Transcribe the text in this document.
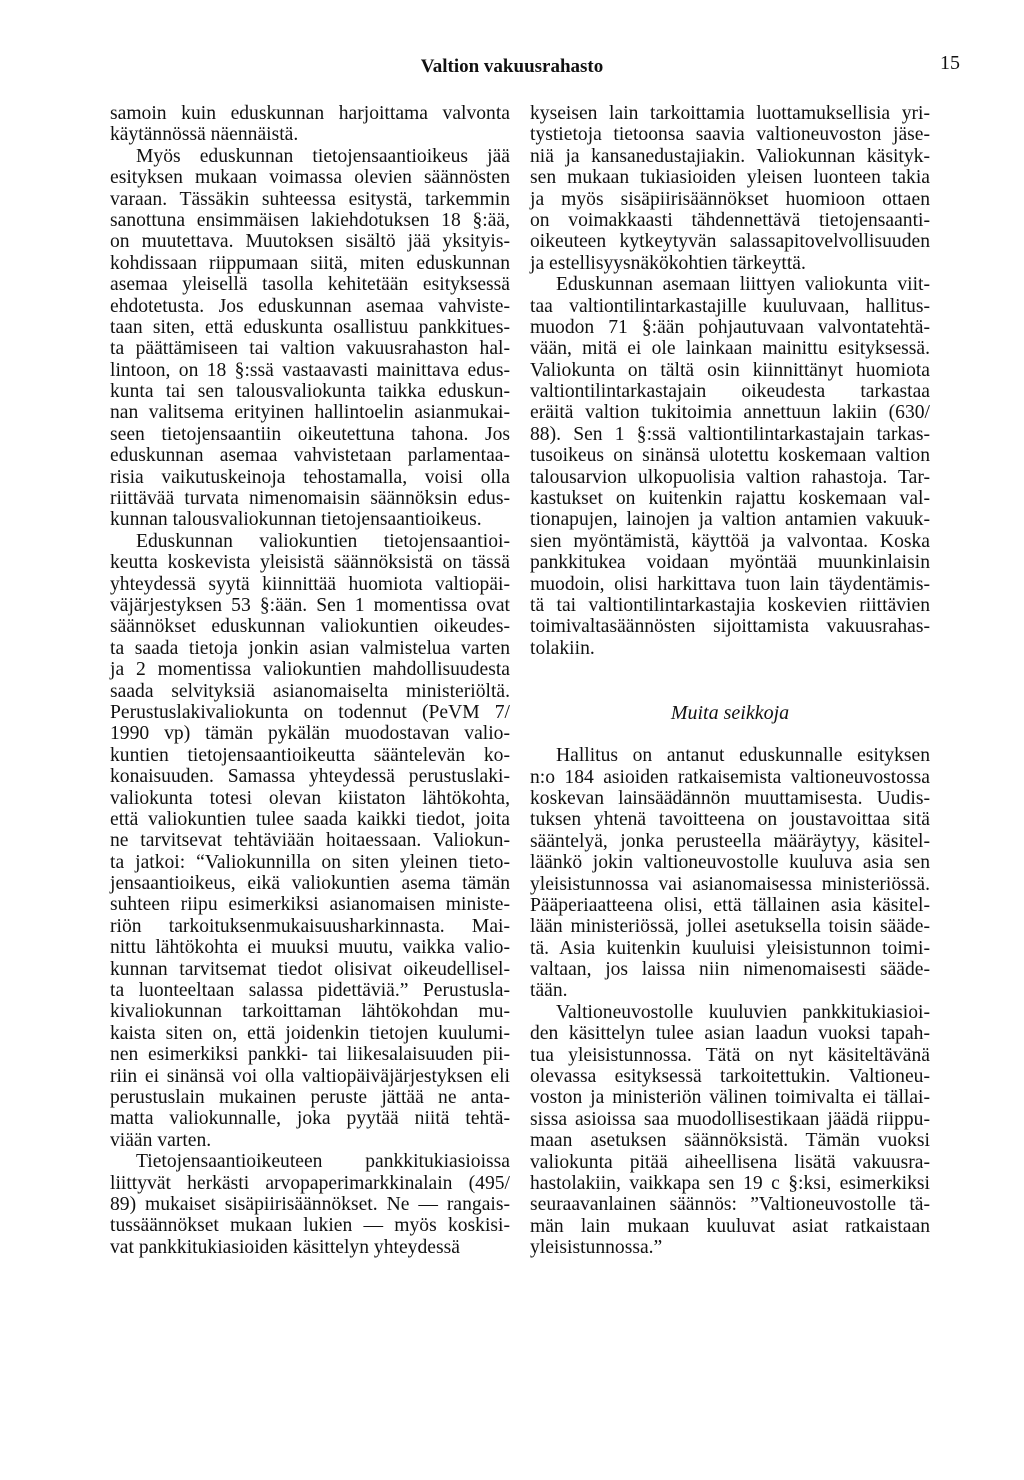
Valtion vakuusrahasto	15
samoin kuin eduskunnan harjoittama valvonta
käytännössä näennäistä.
Myös eduskunnan tietojensaantioikeus jää
esityksen mukaan voimassa olevien säännösten
varaan. Tässäkin suhteessa esitystä, tarkemmin
sanottuna ensimmäisen lakiehdotuksen 18 §:ää,
on muutettava. Muutoksen sisältö jää yksityis-
kohdissaan riippumaan siitä, miten eduskunnan
asemaa yleisellä tasolla kehitetään esityksessä
ehdotetusta. Jos eduskunnan asemaa vahviste-
taan siten, että eduskunta osallistuu pankkitues-
ta päättämiseen tai valtion vakuusrahaston hal-
lintoon, on 18 §:ssä vastaavasti mainittava edus-
kunta tai sen talousvaliokunta taikka eduskun-
nan valitsema erityinen hallintoelin asianmukai-
seen tietojensaantiin oikeutettuna tahona. Jos
eduskunnan asemaa vahvistetaan parlamentaa-
risia vaikutuskeinoja tehostamalla, voisi olla
riittävää turvata nimenomaisin säännöksin edus-
kunnan talousvaliokunnan tietojensaantioikeus.
Eduskunnan valiokuntien tietojensaantioi-
keutta koskevista yleisistä säännöksistä on tässä
yhteydessä syytä kiinnittää huomiota valtiopäi-
väjärjestyksen 53 §:ään. Sen 1 momentissa ovat
säännökset eduskunnan valiokuntien oikeudes-
ta saada tietoja jonkin asian valmistelua varten
ja 2 momentissa valiokuntien mahdollisuudesta
saada selvityksiä asianomaiselta ministeriöltä.
Perustuslakivaliokunta on todennut (PeVM 7/
1990 vp) tämän pykälän muodostavan valio-
kuntien tietojensaantioikeutta sääntelevän ko-
konaisuuden. Samassa yhteydessä perustuslaki-
valiokunta totesi olevan kiistaton lähtökohta,
että valiokuntien tulee saada kaikki tiedot, joita
ne tarvitsevat tehtäviään hoitaessaan. Valiokun-
ta jatkoi: “Valiokunnilla on siten yleinen tieto-
jensaantioikeus, eikä valiokuntien asema tämän
suhteen riipu esimerkiksi asianomaisen ministe-
riön tarkoituksenmukaisuusharkinnasta. Mai-
nittu lähtökohta ei muuksi muutu, vaikka valio-
kunnan tarvitsemat tiedot olisivat oikeudellisel-
ta luonteeltaan salassa pidettäviä.” Perustusla-
kivaliokunnan tarkoittaman lähtökohdan mu-
kaista siten on, että joidenkin tietojen kuulumi-
nen esimerkiksi pankki- tai liikesalaisuuden pii-
riin ei sinänsä voi olla valtiopäiväjärjestyksen eli
perustuslain mukainen peruste jättää ne anta-
matta valiokunnalle, joka pyytää niitä tehtä-
viään varten.
Tietojensaantioikeuteen pankkitukiasioissa
liittyvät herkästi arvopaperimarkkinalain (495/
89) mukaiset sisäpiirisäännökset. Ne — rangais-
tussäännökset mukaan lukien — myös koskisi-
vat pankkitukiasioiden käsittelyn yhteydessä
kyseisen lain tarkoittamia luottamuksellisia yri-
tystietoja tietoonsa saavia valtioneuvoston jäse-
niä ja kansanedustajiakin. Valiokunnan käsityk-
sen mukaan tukiasioiden yleisen luonteen takia
ja myös sisäpiirisäännökset huomioon ottaen
on voimakkaasti tähdennettävä tietojensaanti-
oikeuteen kytkeytyvän salassapitovelvollisuuden
ja estellisyysnäkökohtien tärkeyttä.
Eduskunnan asemaan liittyen valiokunta viit-
taa valtiontilintarkastajille kuuluvaan, hallitus-
muodon 71 §:ään pohjautuvaan valvontatehtä-
vään, mitä ei ole lainkaan mainittu esityksessä.
Valiokunta on tältä osin kiinnittänyt huomiota
valtiontilintarkastajain oikeudesta tarkastaa
eräitä valtion tukitoimia annettuun lakiin (630/
88). Sen 1 §:ssä valtiontilintarkastajain tarkas-
tusoikeus on sinänsä ulotettu koskemaan valtion
talousarvion ulkopuolisia valtion rahastoja. Tar-
kastukset on kuitenkin rajattu koskemaan val-
tionapujen, lainojen ja valtion antamien vakuuk-
sien myöntämistä, käyttöä ja valvontaa. Koska
pankkitukea voidaan myöntää muunkinlaisin
muodoin, olisi harkittava tuon lain täydentämis-
tä tai valtiontilintarkastajia koskevien riittävien
toimivaltasäännösten sijoittamista vakuusrahas-
tolakiin.
Muita seikkoja
Hallitus on antanut eduskunnalle esityksen
n:o 184 asioiden ratkaisemista valtioneuvostossa
koskevan lainsäädännön muuttamisesta. Uudis-
tuksen yhtenä tavoitteena on joustavoittaa sitä
sääntelyä, jonka perusteella määräytyy, käsitel-
läänkö jokin valtioneuvostolle kuuluva asia sen
yleisistunnossa vai asianomaisessa ministeriössä.
Pääperiaatteena olisi, että tällainen asia käsitel-
lään ministeriössä, jollei asetuksella toisin sääde-
tä. Asia kuitenkin kuuluisi yleisistunnon toimi-
valtaan, jos laissa niin nimenomaisesti sääde-
tään.
Valtioneuvostolle kuuluvien pankkitukiasioi-
den käsittelyn tulee asian laadun vuoksi tapah-
tua yleisistunnossa. Tätä on nyt käsiteltävänä
olevassa esityksessä tarkoitettukin. Valtioneu-
voston ja ministeriön välinen toimivalta ei tällai-
sissa asioissa saa muodollisestikaan jäädä riippu-
maan asetuksen säännöksistä. Tämän vuoksi
valiokunta pitää aiheellisena lisätä vakuusra-
hastolakiin, vaikkapa sen 19 c §:ksi, esimerkiksi
seuraavanlainen säännös: ”Valtioneuvostolle tä-
män lain mukaan kuuluvat asiat ratkaistaan
yleisistunnossa.”
